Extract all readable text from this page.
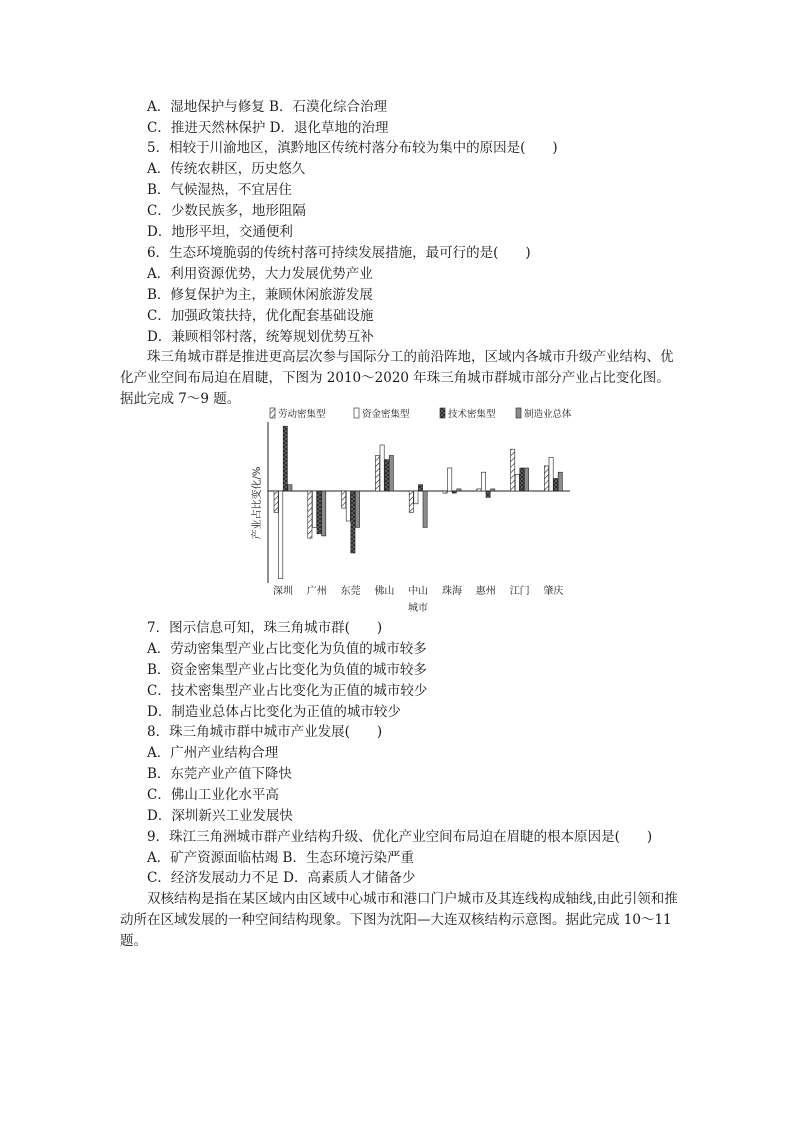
A．湿地保护与修复 B．石漠化综合治理
C．推进天然林保护 D．退化草地的治理
5．相较于川渝地区，滇黔地区传统村落分布较为集中的原因是(　　)
A．传统农耕区，历史悠久
B．气候湿热，不宜居住
C．少数民族多，地形阻隔
D．地形平坦，交通便利
6．生态环境脆弱的传统村落可持续发展措施，最可行的是(　　)
A．利用资源优势，大力发展优势产业
B．修复保护为主，兼顾休闲旅游发展
C．加强政策扶持，优化配套基础设施
D．兼顾相邻村落，统筹规划优势互补
珠三角城市群是推进更高层次参与国际分工的前沿阵地，区域内各城市升级产业结构、优化产业空间布局迫在眉睫，下图为 2010～2020 年珠三角城市群城市部分产业占比变化图。据此完成 7～9 题。
劳动密集型	资金密集型	技术密集型	制造业总体
产业占比变化/%
深圳 广州 东莞 佛山 中山 珠海 惠州 江门 肇庆
城市
7．图示信息可知，珠三角城市群(　　)
A．劳动密集型产业占比变化为负值的城市较多
B．资金密集型产业占比变化为负值的城市较多
C．技术密集型产业占比变化为正值的城市较少
D．制造业总体占比变化为正值的城市较少
8．珠三角城市群中城市产业发展(　　)
A．广州产业结构合理
B．东莞产业产值下降快
C．佛山工业化水平高
D．深圳新兴工业发展快
9．珠江三角洲城市群产业结构升级、优化产业空间布局迫在眉睫的根本原因是(　　)
A．矿产资源面临枯竭 B．生态环境污染严重
C．经济发展动力不足 D．高素质人才储备少
双核结构是指在某区域内由区域中心城市和港口门户城市及其连线构成轴线,由此引领和推动所在区域发展的一种空间结构现象。下图为沈阳—大连双核结构示意图。据此完成 10～11 题。
